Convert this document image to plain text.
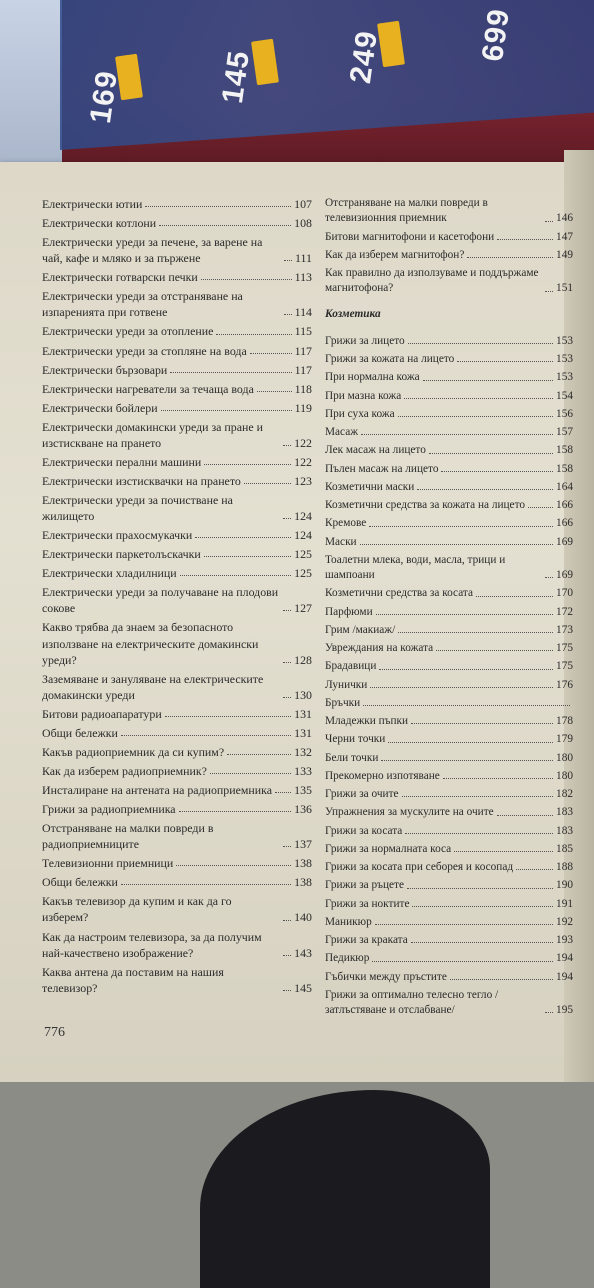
169	145	249	699
Електрически ютии	107
Електрически котлони	108
Електрически уреди за печене, за варене на чай, кафе и мляко и за пържене	111
Електрически готварски печки	113
Електрически уреди за отстраняване на изпаренията при готвене	114
Електрически уреди за отопление	115
Електрически уреди за стопляне на вода	117
Електрически бързовари	117
Електрически нагреватели за течаща вода	118
Електрически бойлери	119
Електрически домакински уреди за пране и изстискване на прането	122
Електрически перални машини	122
Електрически изстисквачки на прането	123
Електрически уреди за почистване на жилището	124
Електрически прахосмукачки	124
Електрически паркетолъскачки	125
Електрически хладилници	125
Електрически уреди за получаване на плодови сокове	127
Какво трябва да знаем за безопасното използване на електрическите домакински уреди?	128
Заземяване и зануляване на електрическите домакински уреди	130
Битови радиоапаратури	131
Общи бележки	131
Какъв радиоприемник да си купим?	132
Как да изберем радиоприемник?	133
Инсталиране на антената на радиоприемника 135
Грижи за радиоприемника	136
Отстраняване на малки повреди в радиоприемниците	137
Телевизионни приемници	138
Общи бележки	138
Какъв телевизор да купим и как да го изберем?	140
Как да настроим телевизора, за да получим най-качествено изображение?	143
Каква антена да поставим на нашия телевизор?	145
Отстраняване на малки повреди в телевизионния приемник	146
Битови магнитофони и касетофони	147
Как да изберем магнитофон?	149
Как правилно да използуваме и поддържаме магнитофона?	151
Козметика
Грижи за лицето	153
Грижи за кожата на лицето	153
При нормална кожа	153
При мазна кожа	154
При суха кожа	156
Масаж	157
Лек масаж на лицето	158
Пълен масаж на лицето	158
Козметични маски	164
Козметични средства за кожата на лицето	166
Кремове	166
Маски	169
Тоалетни млека, води, масла, трици и шампоани	169
Козметични средства за косата	170
Парфюми	172
Грим /макиаж/	173
Увреждания на кожата	175
Брадавици	175
Лунички	176
Бръчки
Младежки пъпки	178
Черни точки	179
Бели точки	180
Прекомерно изпотяване	180
Грижи за очите	182
Упражнения за мускулите на очите	183
Грижи за косата	183
Грижи за нормалната коса	185
Грижи за косата при себорея и косопад	188
Грижи за ръцете	190
Грижи за ноктите	191
Маникюр	192
Грижи за краката	193
Педикюр	194
Гъбички между пръстите	194
Грижи за оптимално телесно тегло /затлъстяване и отслабване/	195
776
